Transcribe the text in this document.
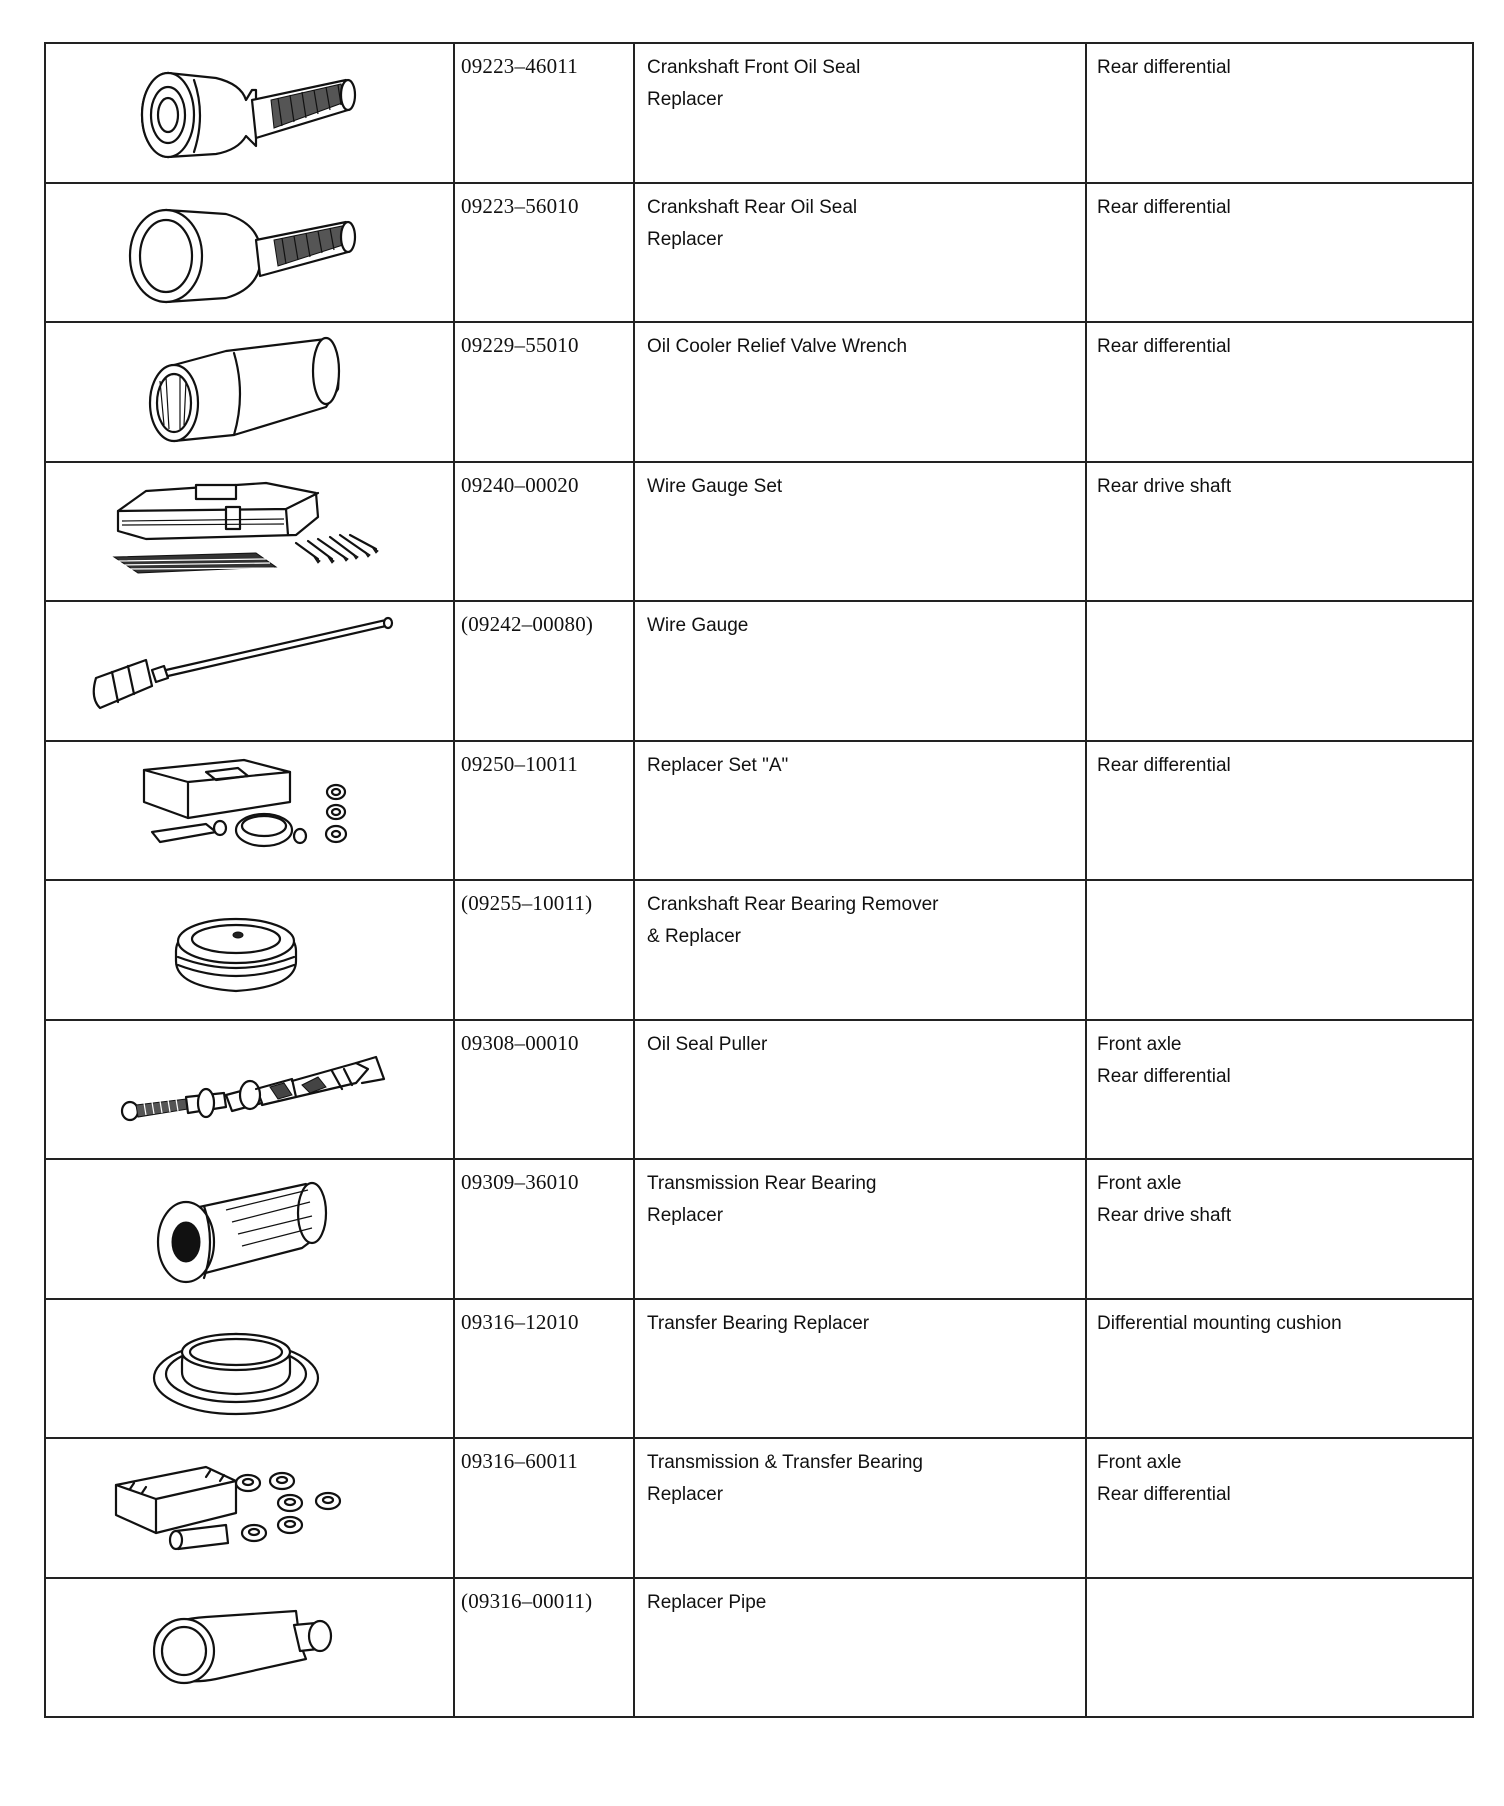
09223–46011	Crankshaft Front Oil Seal
Replacer	Rear differential

09223–56010	Crankshaft Rear Oil Seal
Replacer	Rear differential

09229–55010	Oil Cooler Relief Valve Wrench	Rear differential

09240–00020	Wire Gauge Set	Rear drive shaft

(09242–00080)	Wire Gauge	

09250–10011	Replacer Set "A"	Rear differential

(09255–10011)	Crankshaft Rear Bearing Remover
& Replacer	

09308–00010	Oil Seal Puller	Front axle
Rear differential

09309–36010	Transmission Rear Bearing
Replacer	Front axle
Rear drive shaft

09316–12010	Transfer Bearing Replacer	Differential mounting cushion

09316–60011	Transmission & Transfer Bearing
Replacer	Front axle
Rear differential

(09316–00011)	Replacer Pipe	
